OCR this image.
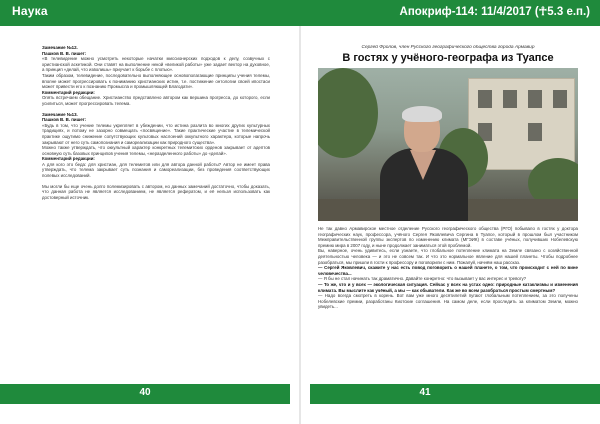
Наука	Апокриф-114: 11/4/2017 (☥5.3 е.п.)

Замечание №12.

Пашков В. В. пишет:

«В телевидение можно усмотреть некоторые начатки миссионерских подходов к делу, созвучных с христианской аскетикой. Они ставят на выполнение некой «великой работы» уже задает вектор на духовное, а принцип «делай, что изволишь» приучает к борьбе с плотью».

Таким образом, телевидение, последовательно выполняющее основополагающие принципы учения телемы, вполне может прогрессировать к пониманию христианских истин, т.е. постижение онтологии своей ипостаси может привести его к познанию Промысла и промышляющей Благодати».

Комментарий редакции:

Опять встречаем обещание. Христианство представлено автором как вершина прогресса, до которого, если усилиться, может прогрессировать телема.

Замечание №13.

Пашков В. В. пишет:

«Будь в том, что учение телемы укрепляет в убеждении, что истина разлита во многих других культурных традициях, и потому не зазорно совмещать «посвящение». Такие практические участие в телемической практике ощутимо снижение сопутствующих культовых наслоений оккультного характера, которые напрочь закрывают от него суть самопознания и самореализации как природного существа».

Можно также утверждать, что оккультный характер конкретных телемитских орденов закрывает от адептов основную суть базовых принципов учения телемы, «неразделенного работы» до «делай».

Комментарий редакции:

А для кого это беда: для христиан, для телемитов или для автора данной работы? Автор не имеет права утверждать, что телема закрывает суть познания и самореализации, без проведения соответствующих полевых исследований.

Мы могли бы еще очень долго полемизировать с автором, но данных замечаний достаточно, чтобы доказать, что данная работа не является исследованием, не является рефератом, и её нельзя использовать как достоверный источник.

Сергей Фролов, член Русского географического общества города Армавир

В гостях у учёного-географа из Туапсе

Не так давно Армавирское местное отделение Русского географического общества (РГО) побывало в гостях у доктора географических наук, профессора, учёного Сергея Яковлевича Сергина в Туапсе, который в прошлом был участником Межправительственной группы экспертов по изменению климата (МГЭИК) в составе учёных, получивших Нобелевскую премию мира в 2007 году, и ныне продолжает заниматься этой проблемой.

Вы, наверное, очень удивитесь, если узнаете, что глобальное потепление климата на Земле связано с хозяйственной деятельностью человека — и это не совсем так. И что это нормальное явление для нашей планеты. Чтобы подробнее разобраться, мы пришли в гости к профессору и поговорили с ним. Пожалуй, начнём наш рассказ.

— Сергей Яковлевич, скажите у нас есть повод поговорить о нашей планете, о том, что происходит с ней по вине человечества...

— Я бы не стал начинать так драматично. Давайте конкретно: что вызывает у вас интерес и тревогу?

— То же, что и у всех — экологическая ситуация. Сейчас у всех на устах одно: природные катаклизмы и изменения климата. Вы мыслите как учёный, а мы — как обыватели. Как же во всем разобраться простым смертным?

— Надо всегда смотреть в корень. Вот вам уже много десятилетий пугают глобальным потеплением, за это получены Нобелевские премии, разработаны Киотские соглашения. На самом деле, если проследить за климатом Земли, можно увидеть...

40	41
